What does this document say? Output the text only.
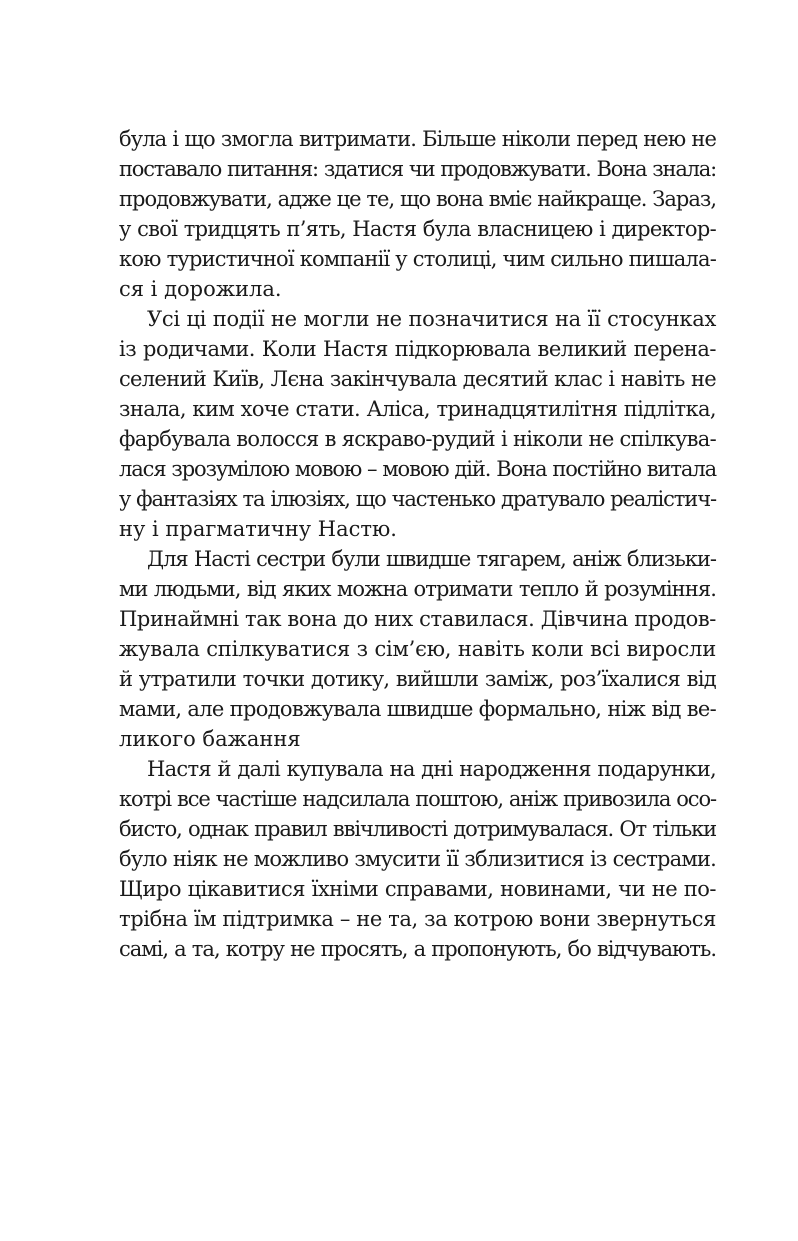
була і що змогла витримати. Більше ніколи перед нею не
поставало питання: здатися чи продовжувати. Вона знала:
продовжувати, адже це те, що вона вміє найкраще. Зараз,
у свої тридцять п’ять, Настя була власницею і директор-
кою туристичної компанії у столиці, чим сильно пишала-
ся і дорожила.
Усі ці події не могли не позначитися на її стосунках
із родичами. Коли Настя підкорювала великий перена-
селений Київ, Лєна закінчувала десятий клас і навіть не
знала, ким хоче стати. Аліса, тринадцятилітня підлітка,
фарбувала волосся в яскраво-рудий і ніколи не спілкува-
лася зрозумілою мовою – мовою дій. Вона постійно витала
у фантазіях та ілюзіях, що частенько дратувало реалістич-
ну і прагматичну Настю.
Для Насті сестри були швидше тягарем, аніж близьки-
ми людьми, від яких можна отримати тепло й розуміння.
Принаймні так вона до них ставилася. Дівчина продов-
жувала спілкуватися з сім’єю, навіть коли всі виросли
й утратили точки дотику, вийшли заміж, роз’їхалися від
мами, але продовжувала швидше формально, ніж від ве-
ликого бажання
Настя й далі купувала на дні народження подарунки,
котрі все частіше надсилала поштою, аніж привозила осо-
бисто, однак правил ввічливості дотримувалася. От тільки
було ніяк не можливо змусити її зблизитися із сестрами.
Щиро цікавитися їхніми справами, новинами, чи не по-
трібна їм підтримка – не та, за котрою вони звернуться
самі, а та, котру не просять, а пропонують, бо відчувають.
